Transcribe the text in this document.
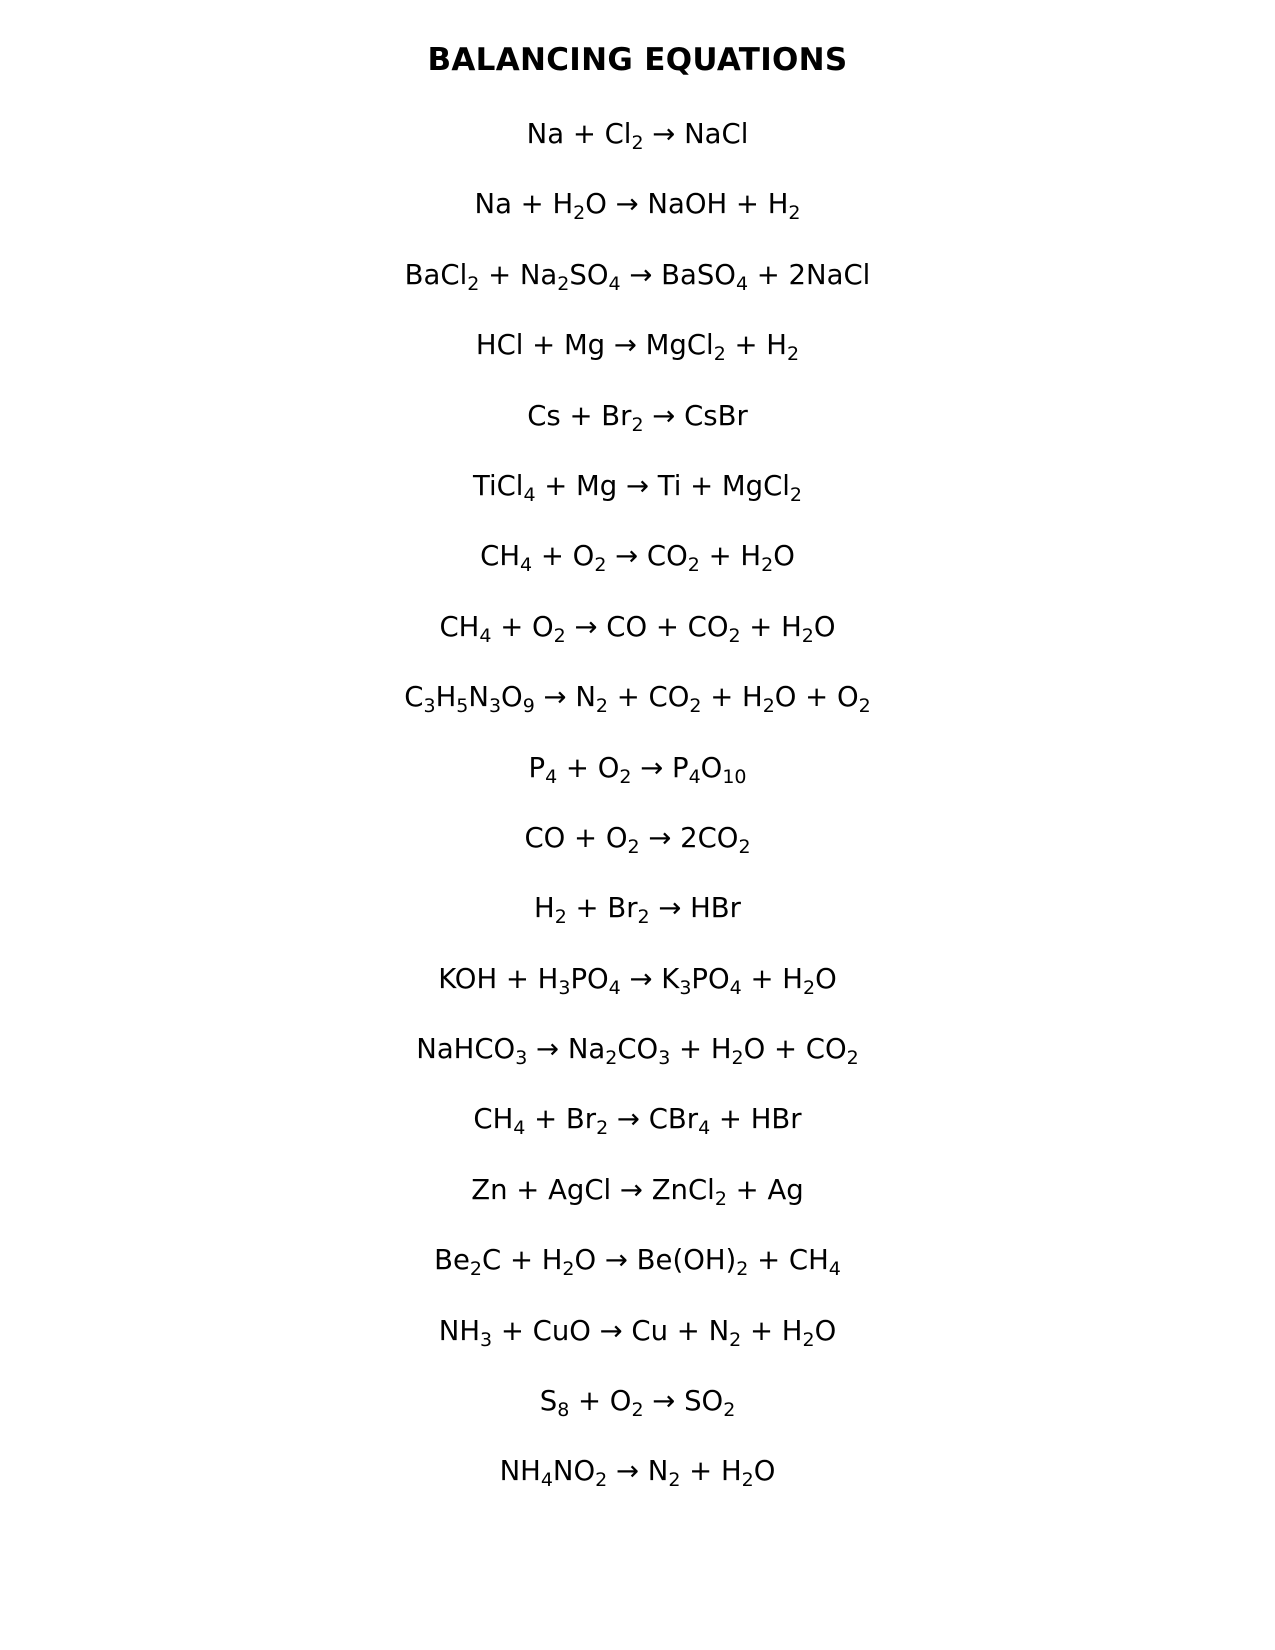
BALANCING EQUATIONS
$Na + Cl_2$ → NaCl
$Na + H_2O$ → NaOH + $H_2$
BaCl$_2$ + $Na_2SO_4$ → BaSO$_4$ + 2NaCl
HCl + Mg → MgCl$_2$ + $H_2$
$Cs + Br_2$ → CsBr
TiCl$_4$ + Mg → Ti + MgCl$_2$
$CH_4 + O_2 \to CO_2 + H_2O$
$CH_4 + O_2$ → CO + $CO_2 + H_2O$
$C_3H_5N_3O_9 \to N_2 + CO_2 + H_2O + O_2$
$P_4 + O_2 \to P_4O_{10}$
CO + $O_2 \to 2CO_2$
$H_2 + Br_2$ → HBr
KOH + $H_3PO_4 \to K_3PO_4 + H_2O$
NaHCO$_3$ → $Na_2CO_3 + H_2O + CO_2$
$CH_4 + Br_2 \to CBr_4$ + HBr
Zn + AgCl → ZnCl$_2$ + Ag
$Be_2C + H_2O \to Be(OH)_2 + CH_4$
$NH_3$ + CuO → $Cu + N_2 + H_2O$
$S_8 + O_2 \to SO_2$
$NH_4NO_2 \to N_2 + H_2O$
